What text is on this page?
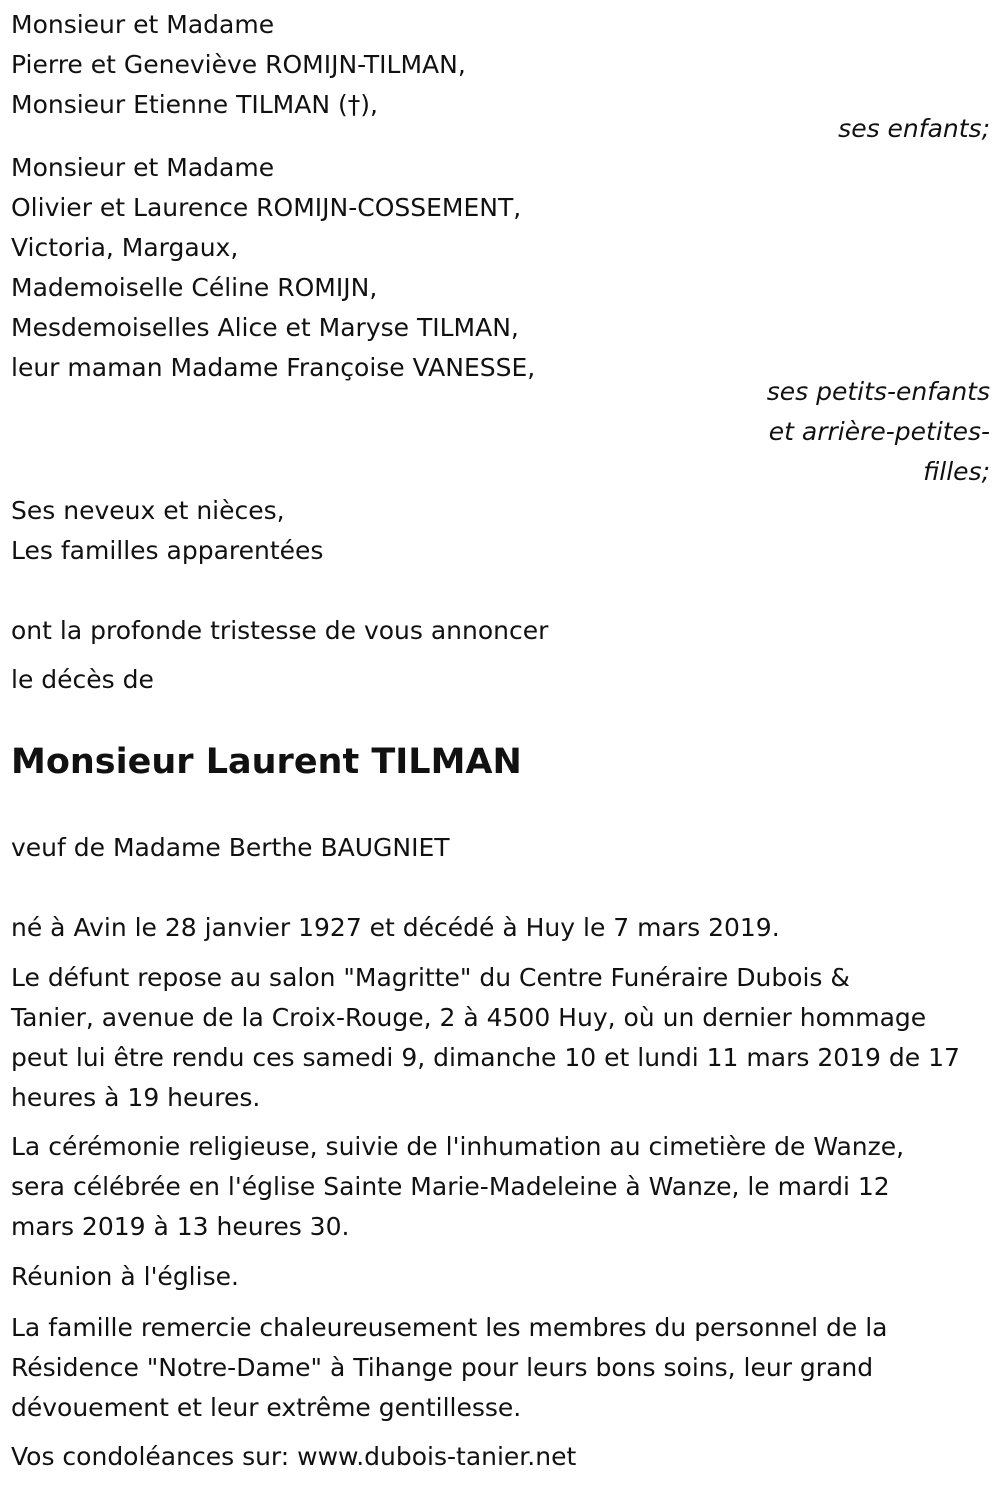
Monsieur et Madame
Pierre et Geneviève ROMIJN-TILMAN,
Monsieur Etienne TILMAN (†),
ses enfants;
Monsieur et Madame
Olivier et Laurence ROMIJN-COSSEMENT,
Victoria, Margaux,
Mademoiselle Céline ROMIJN,
Mesdemoiselles Alice et Maryse TILMAN,
leur maman Madame Françoise VANESSE,
ses petits-enfants
et arrière-petites-
filles;
Ses neveux et nièces,
Les familles apparentées
ont la profonde tristesse de vous annoncer
le décès de
Monsieur Laurent TILMAN
veuf de Madame Berthe BAUGNIET
né à Avin le 28 janvier 1927 et décédé à Huy le 7 mars 2019.
Le défunt repose au salon "Magritte" du Centre Funéraire Dubois &
Tanier, avenue de la Croix-Rouge, 2 à 4500 Huy, où un dernier hommage
peut lui être rendu ces samedi 9, dimanche 10 et lundi 11 mars 2019 de 17
heures à 19 heures.
La cérémonie religieuse, suivie de l'inhumation au cimetière de Wanze,
sera célébrée en l'église Sainte Marie-Madeleine à Wanze, le mardi 12
mars 2019 à 13 heures 30.
Réunion à l'église.
La famille remercie chaleureusement les membres du personnel de la
Résidence "Notre-Dame" à Tihange pour leurs bons soins, leur grand
dévouement et leur extrême gentillesse.
Vos condoléances sur: www.dubois-tanier.net
